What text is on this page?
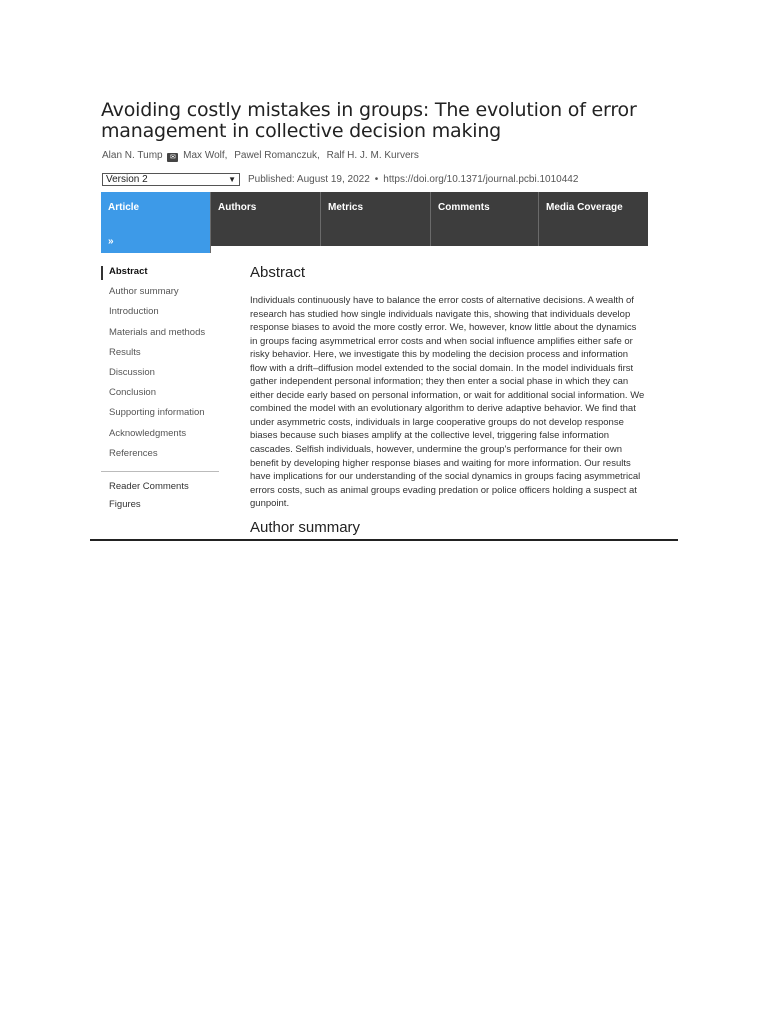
Avoiding costly mistakes in groups: The evolution of error management in collective decision making
Alan N. Tump ✉ Max Wolf, Pawel Romanczuk, Ralf H. J. M. Kurvers
Version 2	▼ Published: August 19, 2022 • https://doi.org/10.1371/journal.pcbi.1010442
Article
»
Authors	Metrics	Comments	Media Coverage
Abstract
Author summary
Introduction
Materials and methods
Results
Discussion
Conclusion
Supporting information
Acknowledgments
References
Reader Comments
Figures
Abstract

Individuals continuously have to balance the error costs of alternative decisions. A wealth of research has studied how single individuals navigate this, showing that individuals develop response biases to avoid the more costly error. We, however, know little about the dynamics in groups facing asymmetrical error costs and when social influence amplifies either safe or risky behavior. Here, we investigate this by modeling the decision process and information flow with a drift–diffusion model extended to the social domain. In the model individuals first gather independent personal information; they then enter a social phase in which they can either decide early based on personal information, or wait for additional social information. We combined the model with an evolutionary algorithm to derive adaptive behavior. We find that under asymmetric costs, individuals in large cooperative groups do not develop response biases because such biases amplify at the collective level, triggering false information cascades. Selfish individuals, however, undermine the group's performance for their own benefit by developing higher response biases and waiting for more information. Our results have implications for our understanding of the social dynamics in groups facing asymmetrical errors costs, such as animal groups evading predation or police officers holding a suspect at gunpoint.

Author summary
